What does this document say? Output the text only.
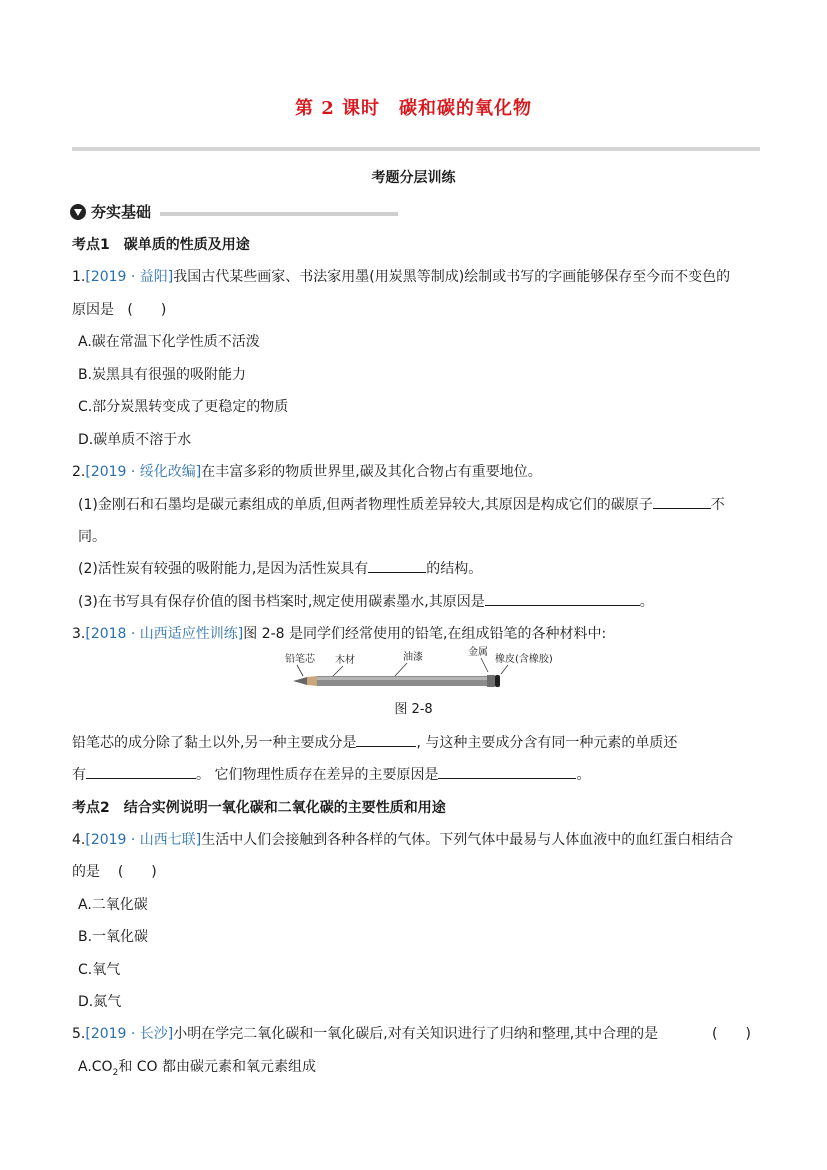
第 2 课时　碳和碳的氧化物
考题分层训练
夯实基础
考点1　碳单质的性质及用途
1.[2019 · 益阳]我国古代某些画家、书法家用墨(用炭黑等制成)绘制或书写的字画能够保存至今而不变色的
原因是 (　　)
A.碳在常温下化学性质不活泼
B.炭黑具有很强的吸附能力
C.部分炭黑转变成了更稳定的物质
D.碳单质不溶于水
2.[2019 · 绥化改编]在丰富多彩的物质世界里,碳及其化合物占有重要地位。
(1)金刚石和石墨均是碳元素组成的单质,但两者物理性质差异较大,其原因是构成它们的碳原子	不
同。
(2)活性炭有较强的吸附能力,是因为活性炭具有	的结构。
(3)在书写具有保存价值的图书档案时,规定使用碳素墨水,其原因是	。
3.[2018 · 山西适应性训练]图 2-8 是同学们经常使用的铅笔,在组成铅笔的各种材料中:
铅笔芯 木材	油漆	金属
橡皮(含橡胶)
图 2-8
铅笔芯的成分除了黏土以外,另一种主要成分是	, 与这种主要成分含有同一种元素的单质还
有	。 它们物理性质存在差异的主要原因是	。
考点2　结合实例说明一氧化碳和二氧化碳的主要性质和用途
4.[2019 · 山西七联]生活中人们会接触到各种各样的气体。下列气体中最易与人体血液中的血红蛋白相结合
的是 (　　)
A.二氧化碳
B.一氧化碳
C.氧气
D.氮气
5.[2019 · 长沙]小明在学完二氧化碳和一氧化碳后,对有关知识进行了归纳和整理,其中合理的是	(　　)
$A.CO_2$和 CO 都由碳元素和氧元素组成
